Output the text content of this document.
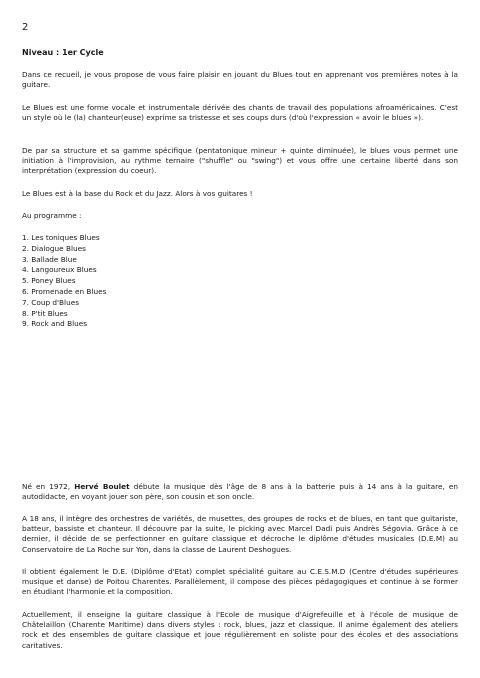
2
Niveau : 1er Cycle

Dans ce recueil, je vous propose de vous faire plaisir en jouant du Blues tout en apprenant vos premières notes à la guitare.

Le Blues est une forme vocale et instrumentale dérivée des chants de travail des populations afroaméricaines. C'est un style où le (la) chanteur(euse) exprime sa tristesse et ses coups durs (d'où l'expression « avoir le blues »).

De par sa structure et sa gamme spécifique (pentatonique mineur + quinte diminuée), le blues vous permet une initiation à l'improvision, au rythme ternaire ("shuffle" ou "swing") et vous offre une certaine liberté dans son interprétation (expression du coeur).

Le Blues est à la base du Rock et du Jazz. Alors à vos guitares !

Au programme :

1. Les toniques Blues
2. Dialogue Blues
3. Ballade Blue
4. Langoureux Blues
5. Poney Blues
6. Promenade en Blues
7. Coup d'Blues
8. P'tit Blues
9. Rock and Blues

Né en 1972, Hervé Boulet débute la musique dès l'âge de 8 ans à la batterie puis à 14 ans à la guitare, en autodidacte, en voyant jouer son père, son cousin et son oncle.

A 18 ans, il intègre des orchestres de variétés, de musettes, des groupes de rocks et de blues, en tant que guitariste, batteur, bassiste et chanteur. Il découvre par la suite, le picking avec Marcel Dadi puis Andrès Ségovia. Grâce à ce dernier, il décide de se perfectionner en guitare classique et décroche le diplôme d'études musicales (D.E.M) au Conservatoire de La Roche sur Yon, dans la classe de Laurent Deshogues.

Il obtient également le D.E. (Diplôme d'Etat) complet spécialité guitare au C.E.S.M.D (Centre d'études supérieures musique et danse) de Poitou Charentes. Parallèlement, il compose des pièces pédagogiques et continue à se former en étudiant l'harmonie et la composition.

Actuellement, il enseigne la guitare classique à l'Ecole de musique d'Aigrefeuille et à l'école de musique de Châtelaillon (Charente Maritime) dans divers styles : rock, blues, jazz et classique. Il anime également des ateliers rock et des ensembles de guitare classique et joue régulièrement en soliste pour des écoles et des associations caritatives.
